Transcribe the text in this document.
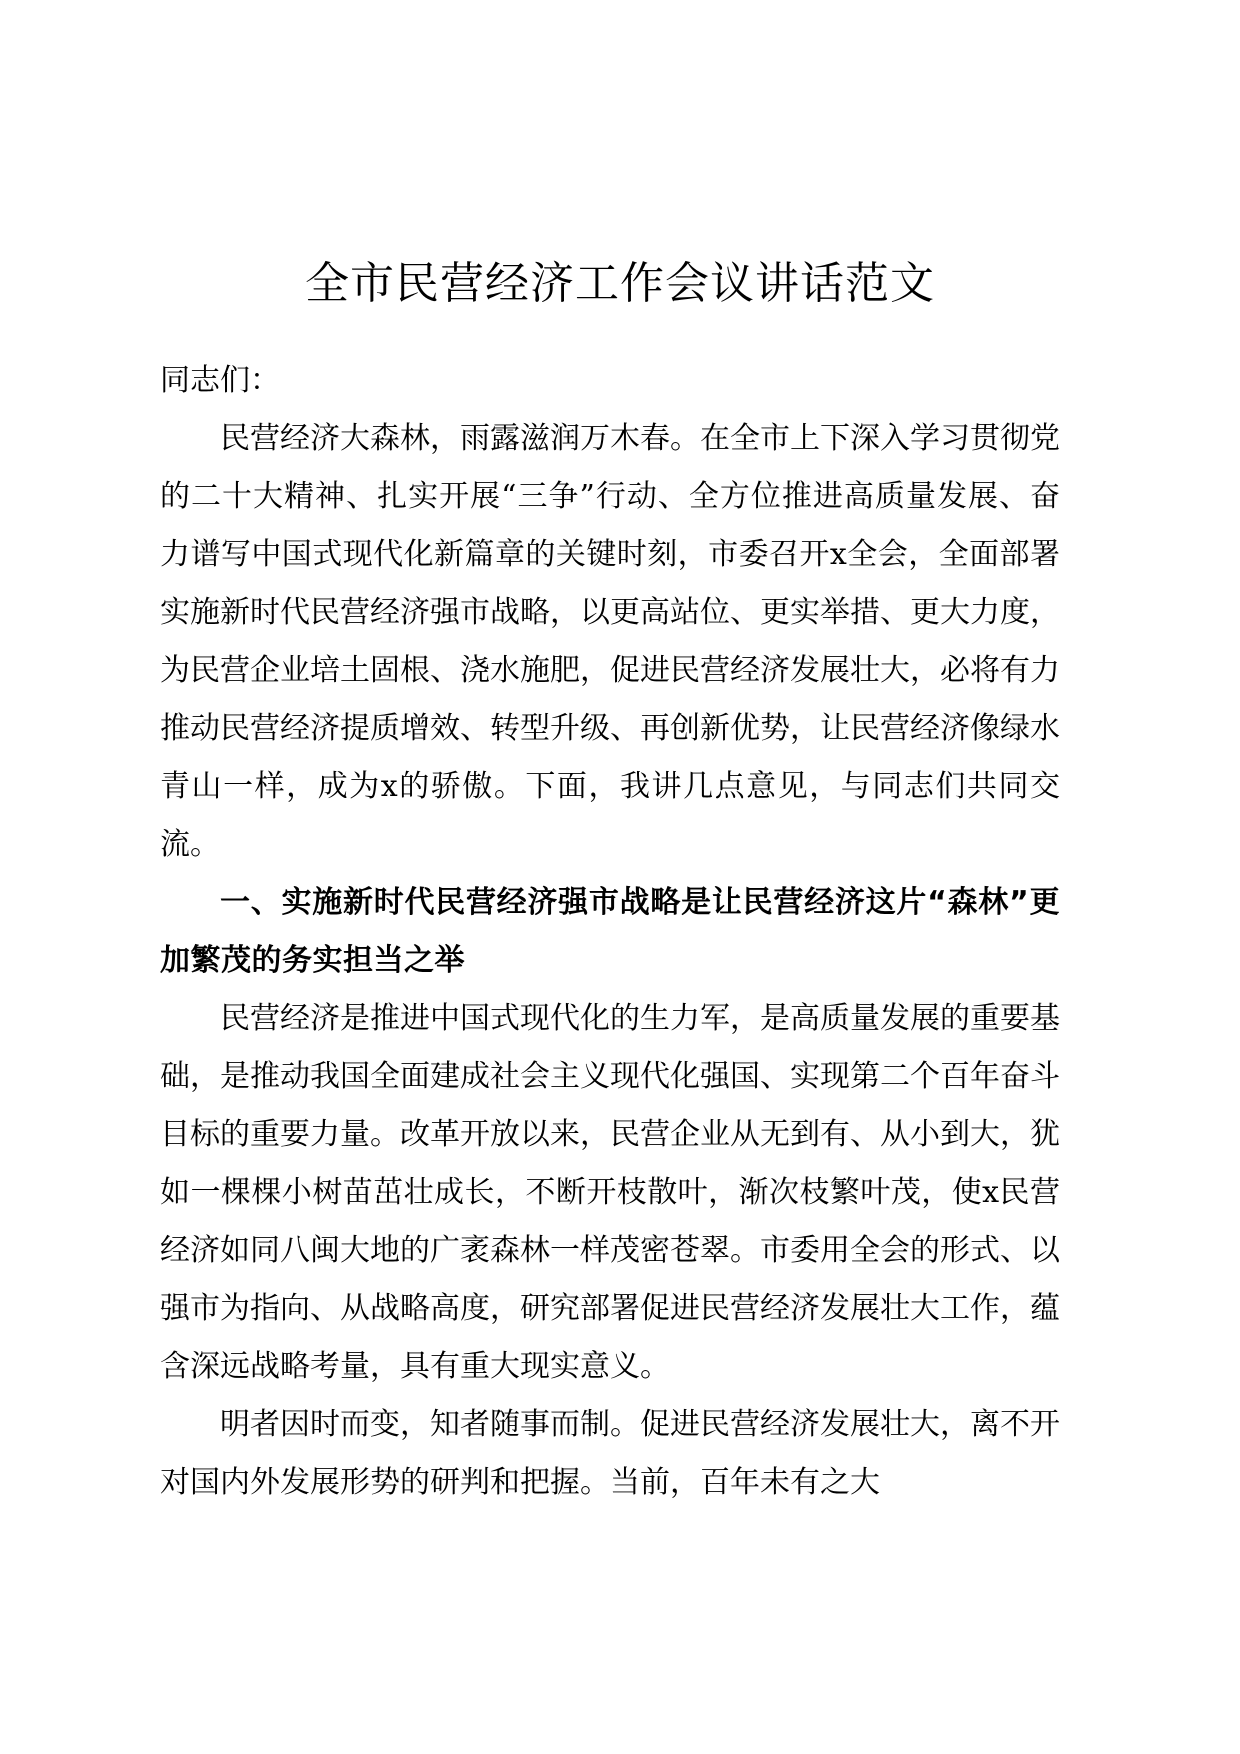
全市民营经济工作会议讲话范文

同志们：

民营经济大森林，雨露滋润万木春。在全市上下深入学习贯彻党的二十大精神、扎实开展“三争”行动、全方位推进高质量发展、奋力谱写中国式现代化新篇章的关键时刻，市委召开x全会，全面部署实施新时代民营经济强市战略，以更高站位、更实举措、更大力度，为民营企业培土固根、浇水施肥，促进民营经济发展壮大，必将有力推动民营经济提质增效、转型升级、再创新优势，让民营经济像绿水青山一样，成为x的骄傲。下面，我讲几点意见，与同志们共同交流。

一、实施新时代民营经济强市战略是让民营经济这片“森林”更加繁茂的务实担当之举

民营经济是推进中国式现代化的生力军，是高质量发展的重要基础，是推动我国全面建成社会主义现代化强国、实现第二个百年奋斗目标的重要力量。改革开放以来，民营企业从无到有、从小到大，犹如一棵棵小树苗茁壮成长，不断开枝散叶，渐次枝繁叶茂，使x民营经济如同八闽大地的广袤森林一样茂密苍翠。市委用全会的形式、以强市为指向、从战略高度，研究部署促进民营经济发展壮大工作，蕴含深远战略考量，具有重大现实意义。

明者因时而变，知者随事而制。促进民营经济发展壮大，离不开对国内外发展形势的研判和把握。当前，百年未有之大
